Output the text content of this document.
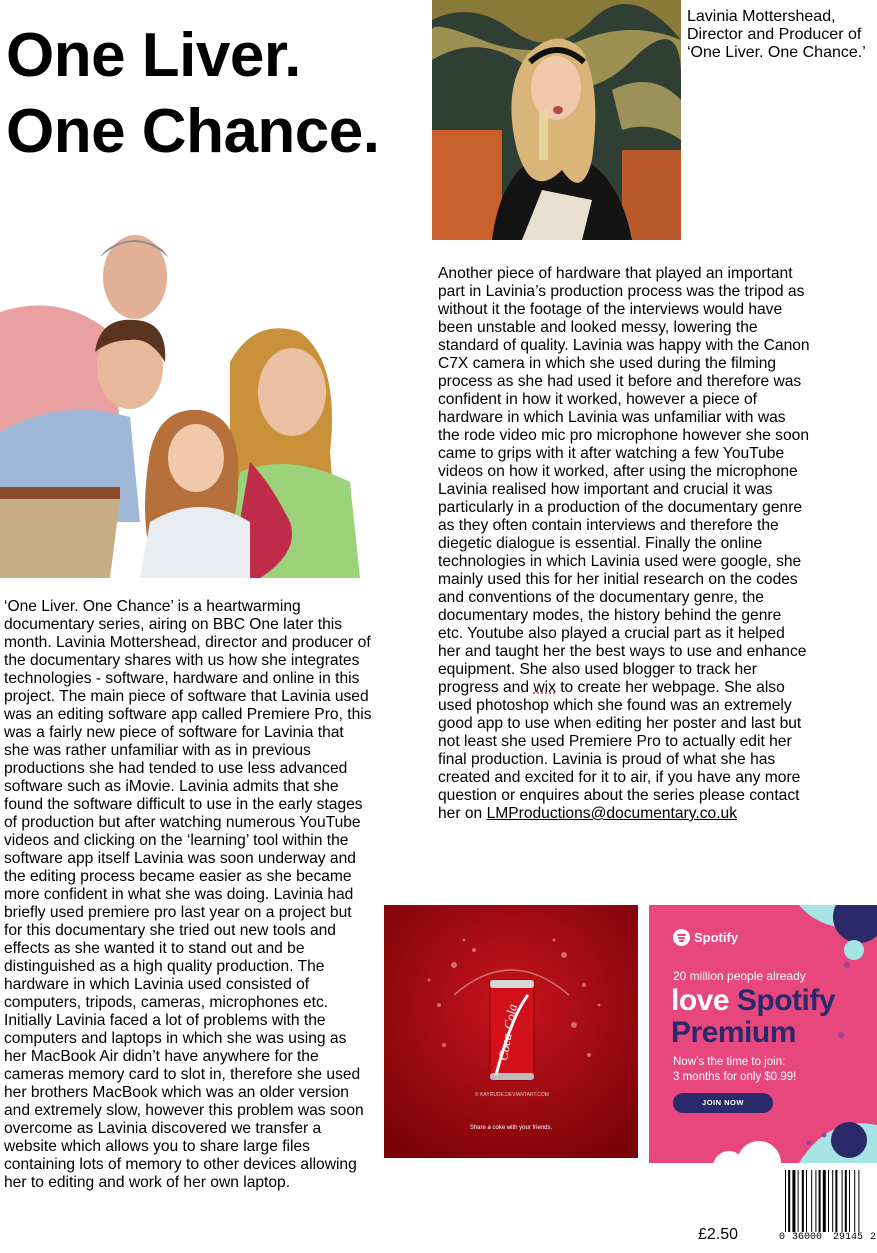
One Liver.
One Chance.
Lavinia Mottershead, Director and Producer of ‘One Liver. One Chance.’

‘One Liver. One Chance’ is a heartwarming documentary series, airing on BBC One later this month. Lavinia Mottershead, director and producer of the documentary shares with us how she integrates technologies - software, hardware and online in this project. The main piece of software that Lavinia used was an editing software app called Premiere Pro, this was a fairly new piece of software for Lavinia that she was rather unfamiliar with as in previous productions she had tended to use less advanced software such as iMovie. Lavinia admits that she found the software difficult to use in the early stages of production but after watching numerous YouTube videos and clicking on the ‘learning’ tool within the software app itself Lavinia was soon underway and the editing process became easier as she became more confident in what she was doing. Lavinia had briefly used premiere pro last year on a project but for this documentary she tried out new tools and effects as she wanted it to stand out and be distinguished as a high quality production. The hardware in which Lavinia used consisted of computers, tripods, cameras, microphones etc. Initially Lavinia faced a lot of problems with the computers and laptops in which she was using as her MacBook Air didn’t have anywhere for the cameras memory card to slot in, therefore she used her brothers MacBook which was an older version and extremely slow, however this problem was soon overcome as Lavinia discovered we transfer a website which allows you to share large files containing lots of memory to other devices allowing her to editing and work of her own laptop.

Another piece of hardware that played an important part in Lavinia’s production process was the tripod as without it the footage of the interviews would have been unstable and looked messy, lowering the standard of quality. Lavinia was happy with the Canon C7X camera in which she used during the filming process as she had used it before and therefore was confident in how it worked, however a piece of hardware in which Lavinia was unfamiliar with was the rode video mic pro microphone however she soon came to grips with it after watching a few YouTube videos on how it worked, after using the microphone Lavinia realised how important and crucial it was particularly in a production of the documentary genre as they often contain interviews and therefore the diegetic dialogue is essential. Finally the online technologies in which Lavinia used were google, she mainly used this for her initial research on the codes and conventions of the documentary genre, the documentary modes, the history behind the genre etc. Youtube also played a crucial part as it helped her and taught her the best ways to use and enhance equipment. She also used blogger to track her progress and wix to create her webpage. She also used photoshop which she found was an extremely good app to use when editing her poster and last but not least she used Premiere Pro to actually edit her final production. Lavinia is proud of what she has created and excited for it to air, if you have any more question or enquires about the series please contact her on LMProductions@documentary.co.uk

Coca-Cola
© KAYRUDE.DEVIANTART.COM
Share a coke with your friends.
Spotify
20 million people already
love Spotify
Premium
Now’s the time to join:
3 months for only $0.99!
JOIN NOW
£2.50	0 36000 29145 2
